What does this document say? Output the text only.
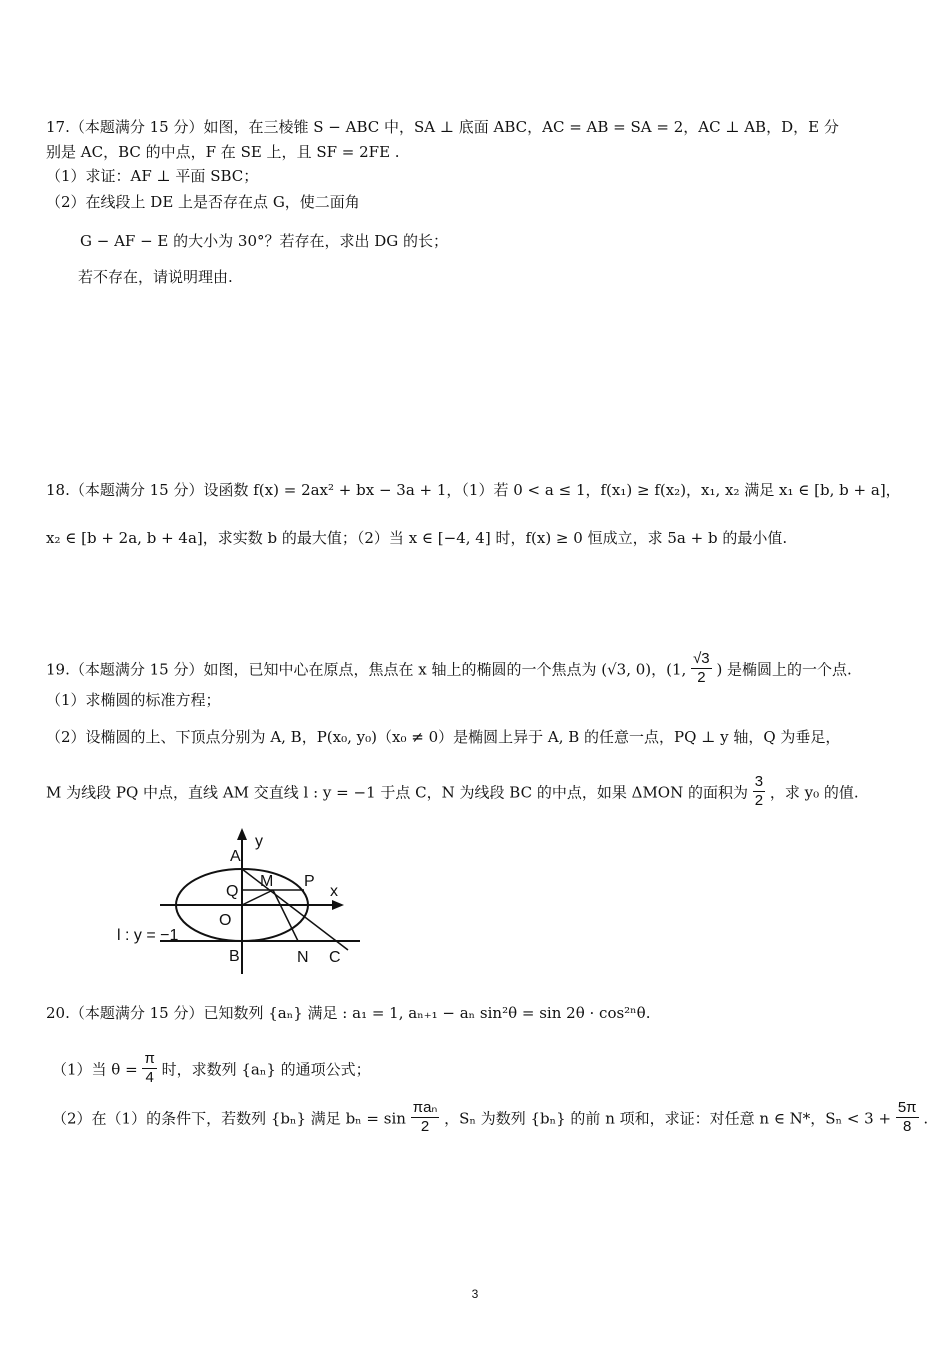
17.（本题满分 15 分）如图，在三棱锥 S − ABC 中，SA ⊥ 底面 ABC，AC = AB = SA = 2，AC ⊥ AB，D，E 分
别是 AC，BC 的中点，F 在 SE 上，且 SF = 2FE .
（1）求证：AF ⊥ 平面 SBC；
（2）在线段上 DE 上是否存在点 G，使二面角
G − AF − E 的大小为 30°？若存在，求出 DG 的长；
若不存在，请说明理由.
18.（本题满分 15 分）设函数 f(x) = 2ax² + bx − 3a + 1，（1）若 0 < a ≤ 1，f(x₁) ≥ f(x₂)，x₁, x₂ 满足 x₁ ∈ [b, b + a]，
x₂ ∈ [b + 2a, b + 4a]，求实数 b 的最大值；（2）当 x ∈ [−4, 4] 时，f(x) ≥ 0 恒成立，求 5a + b 的最小值.
19.（本题满分 15 分）如图，已知中心在原点，焦点在 x 轴上的椭圆的一个焦点为 (√3, 0)，(1, $\frac{√3}{2}$ ) 是椭圆上的一个点.
（1）求椭圆的标准方程；
（2）设椭圆的上、下顶点分别为 A, B，P(x₀, y₀)（x₀ ≠ 0）是椭圆上异于 A, B 的任意一点，PQ ⊥ y 轴，Q 为垂足，
M 为线段 PQ 中点，直线 AM 交直线 l : y = −1 于点 C，N 为线段 BC 的中点，如果 ΔMON 的面积为 $\frac{3}{2}$ ，求 y₀ 的值.
y
x
A
Q
M P
O
B	N C
l : y = −1
20.（本题满分 15 分）已知数列 {aₙ} 满足 : a₁ = 1, aₙ₊₁ − aₙ sin²θ = sin 2θ · cos²ⁿθ.
（1）当 $\theta = \frac{\pi}{4}$ 时，求数列 {aₙ} 的通项公式；
（2）在（1）的条件下，若数列 {bₙ} 满足 $b_n = \sin \frac{\text{πaₙ}}{2}$ ，Sₙ 为数列 {bₙ} 的前 n 项和，求证：对任意 n ∈ N*，$S_n < 3 + \frac{5\pi}{8}$ .
3
